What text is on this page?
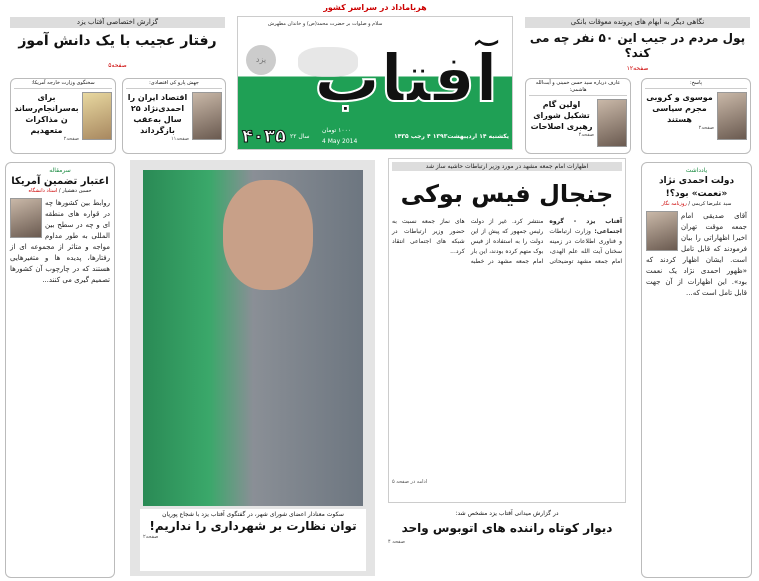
گزارش اختصاصی آفتاب یزد
رفتار عجیب با یک دانش آموز
صفحه۵
جهش پارو کی اقتصادی:
اقتصاد ایران را احمدی‌نژاد ۲۵ سال به‌عقب بازگرداند
صفحه۱۱
سخنگوی وزارت خارجه آمریکا:
برای به‌سرانجام‌رساندن مذاکرات متعهدیم
صفحه۲
هرباماداد در سراسر کشور
سلام و صلوات بر حضرت محمد(ص) و خاندان مطهرش
یزد آفتاب
۴۰۳۵ سال ۲۲
۱۰۰۰ تومان
4 May 2014
یکشنبه ۱۴ اردیبهشت۱۳۹۳ ۴ رجب ۱۴۳۵
نگاهی دیگر به ابهام های پرونده معوقات بانکی
پول مردم در جیب این ۵۰ نفر چه می کند؟
صفحه۱۲
پاسخ:
موسوی و کروبی مجرم سیاسی هستند
صفحه۲
عارف درباره سید حسن خمینی و آیت‌الله هاشمی:
اولین گام تشکیل شورای رهبری اصلاحات
صفحه۴
سرمقاله
اعتبار تضمین آمریکا
حسین دهشیار / استاد دانشگاه
روابط بین کشورها چه در قواره های منطقه ای و چه در سطح بین المللی به طور مداوم مواجه و متاثر از مجموعه ای از رفتارها، پدیده ها و متغیرهایی هستند که در چارچوب آن کشورها تصمیم گیری می کنند...
سکوت معنادار اعضای شورای شهر، در گفتگوی آفتاب یزد با شجاع پوریان
توان نظارت بر شهرداری را نداریم!
صفحه۲
اظهارات امام جمعه مشهد در مورد وزیر ارتباطات حاشیه ساز شد
جنجال فیس بوکی
آفتاب یزد - گروه اجتماعی: وزارت ارتباطات و فناوری اطلاعات در زمینه سخنان آیت الله علم الهدی، امام جمعه مشهد توضیحاتی منتشر کرد. غیر از دولت رئیس جمهور که پیش از این دولت را به استفاده از فیس بوک متهم کرده بودند، این بار امام جمعه مشهد در خطبه های نماز جمعه نسبت به حضور وزیر ارتباطات در شبکه های اجتماعی انتقاد کرد...
ادامه در صفحه ۵
در گزارش میدانی آفتاب یزد مشخص شد:
دیوار کوتاه راننده های اتوبوس واحد
صفحه ۴
یادداشت
دولت احمدی نژاد «نعمت» بود؟!
سید علیرضا کریمی / روزنامه نگار
آقای صدیقی امام جمعه موقت تهران اخیرا اظهاراتی را بیان فرمودند که قابل تامل است. ایشان اظهار کردند که «ظهور احمدی نژاد یک نعمت بود». این اظهارات از آن جهت قابل تامل است که...
